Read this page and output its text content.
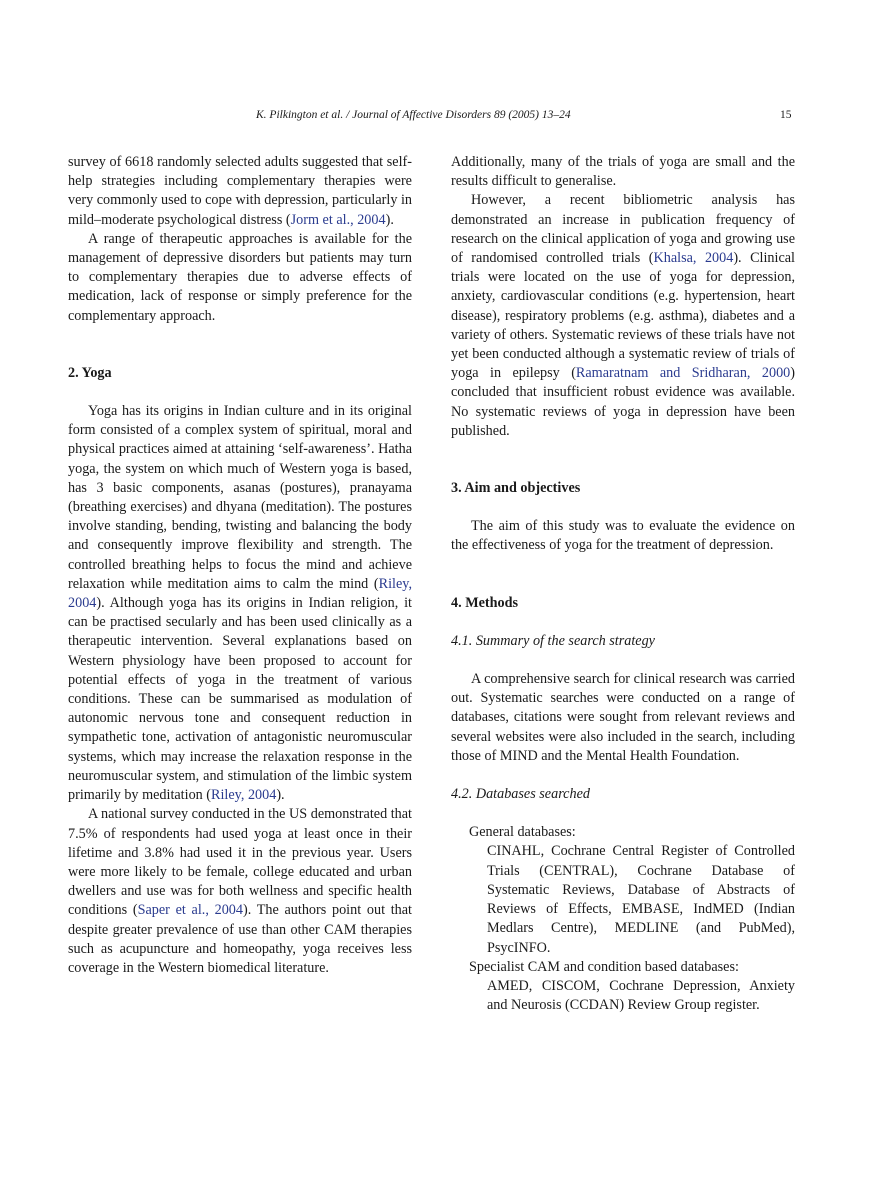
K. Pilkington et al. / Journal of Affective Disorders 89 (2005) 13–24	15

survey of 6618 randomly selected adults suggested that self-help strategies including complementary therapies were very commonly used to cope with depression, particularly in mild–moderate psychological distress (Jorm et al., 2004).

A range of therapeutic approaches is available for the management of depressive disorders but patients may turn to complementary therapies due to adverse effects of medication, lack of response or simply preference for the complementary approach.

2. Yoga

Yoga has its origins in Indian culture and in its original form consisted of a complex system of spiritual, moral and physical practices aimed at attaining ‘self-awareness’. Hatha yoga, the system on which much of Western yoga is based, has 3 basic components, asanas (postures), pranayama (breathing exercises) and dhyana (meditation). The postures involve standing, bending, twisting and balancing the body and consequently improve flexibility and strength. The controlled breathing helps to focus the mind and achieve relaxation while meditation aims to calm the mind (Riley, 2004). Although yoga has its origins in Indian religion, it can be practised secularly and has been used clinically as a therapeutic intervention. Several explanations based on Western physiology have been proposed to account for potential effects of yoga in the treatment of various conditions. These can be summarised as modulation of autonomic nervous tone and consequent reduction in sympathetic tone, activation of antagonistic neuromuscular systems, which may increase the relaxation response in the neuromuscular system, and stimulation of the limbic system primarily by meditation (Riley, 2004).

A national survey conducted in the US demonstrated that 7.5% of respondents had used yoga at least once in their lifetime and 3.8% had used it in the previous year. Users were more likely to be female, college educated and urban dwellers and use was for both wellness and specific health conditions (Saper et al., 2004). The authors point out that despite greater prevalence of use than other CAM therapies such as acupuncture and homeopathy, yoga receives less coverage in the Western biomedical literature.

Additionally, many of the trials of yoga are small and the results difficult to generalise.

However, a recent bibliometric analysis has demonstrated an increase in publication frequency of research on the clinical application of yoga and growing use of randomised controlled trials (Khalsa, 2004). Clinical trials were located on the use of yoga for depression, anxiety, cardiovascular conditions (e.g. hypertension, heart disease), respiratory problems (e.g. asthma), diabetes and a variety of others. Systematic reviews of these trials have not yet been conducted although a systematic review of trials of yoga in epilepsy (Ramaratnam and Sridharan, 2000) concluded that insufficient robust evidence was available. No systematic reviews of yoga in depression have been published.

3. Aim and objectives

The aim of this study was to evaluate the evidence on the effectiveness of yoga for the treatment of depression.

4. Methods
4.1. Summary of the search strategy

A comprehensive search for clinical research was carried out. Systematic searches were conducted on a range of databases, citations were sought from relevant reviews and several websites were also included in the search, including those of MIND and the Mental Health Foundation.

4.2. Databases searched
General databases:
CINAHL, Cochrane Central Register of Controlled Trials (CENTRAL), Cochrane Database of Systematic Reviews, Database of Abstracts of Reviews of Effects, EMBASE, IndMED (Indian Medlars Centre), MEDLINE (and PubMed), PsycINFO.
Specialist CAM and condition based databases:
AMED, CISCOM, Cochrane Depression, Anxiety and Neurosis (CCDAN) Review Group register.
